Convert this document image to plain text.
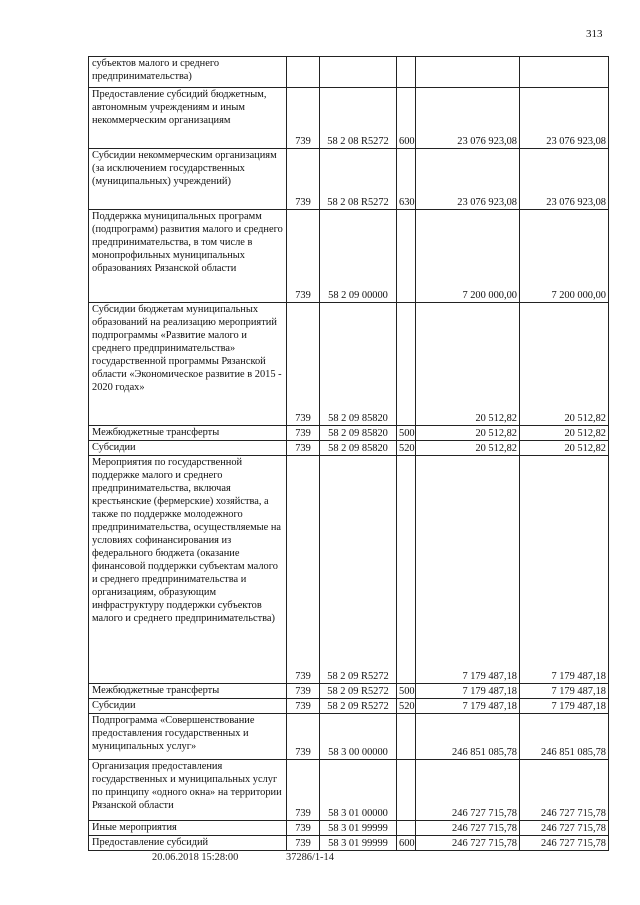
313
субъектов малого и среднего предпринимательства)					
Предоставление субсидий бюджетным, автономным учреждениям и иным некоммерческим организациям	739	58 2 08 R5272	600	23 076 923,08	23 076 923,08
Субсидии некоммерческим организациям (за исключением государственных (муниципальных) учреждений)	739	58 2 08 R5272	630	23 076 923,08	23 076 923,08
Поддержка муниципальных программ (подпрограмм) развития малого и среднего предпринимательства, в том числе в монопрофильных муниципальных образованиях Рязанской области	739	58 2 09 00000		7 200 000,00	7 200 000,00
Субсидии бюджетам муниципальных образований на реализацию мероприятий подпрограммы «Развитие малого и среднего предпринимательства» государственной программы Рязанской области «Экономическое развитие в 2015 - 2020 годах»	739	58 2 09 85820		20 512,82	20 512,82
Межбюджетные трансферты	739	58 2 09 85820	500	20 512,82	20 512,82
Субсидии	739	58 2 09 85820	520	20 512,82	20 512,82
Мероприятия по государственной поддержке малого и среднего предпринимательства, включая крестьянские (фермерские) хозяйства, а также по поддержке молодежного предпринимательства, осуществляемые на условиях софинансирования из федерального бюджета (оказание финансовой поддержки субъектам малого и среднего предпринимательства и организациям, образующим инфраструктуру поддержки субъектов малого и среднего предпринимательства)	739	58 2 09 R5272		7 179 487,18	7 179 487,18
Межбюджетные трансферты	739	58 2 09 R5272	500	7 179 487,18	7 179 487,18
Субсидии	739	58 2 09 R5272	520	7 179 487,18	7 179 487,18
Подпрограмма «Совершенствование предоставления государственных и муниципальных услуг»	739	58 3 00 00000		246 851 085,78	246 851 085,78
Организация предоставления государственных и муниципальных услуг по принципу «одного окна» на территории Рязанской области	739	58 3 01 00000		246 727 715,78	246 727 715,78
Иные мероприятия	739	58 3 01 99999		246 727 715,78	246 727 715,78
Предоставление субсидий	739	58 3 01 99999	600	246 727 715,78	246 727 715,78
20.06.2018 15:28:00	37286/1-14
